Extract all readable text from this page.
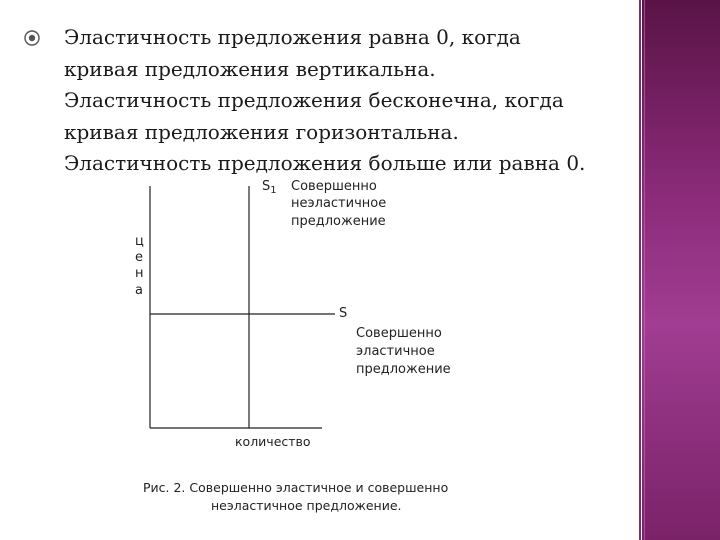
Эластичность предложения равна 0, когда
кривая предложения вертикальна.
Эластичность предложения бесконечна, когда
кривая предложения горизонтальна.
Эластичность предложения больше или равна 0.
ц
е
н
а
$S_1$ Совершенно
неэластичное
предложение
S
Совершенно
эластичное
предложение
количество
Рис. 2. Совершенно эластичное и совершенно
неэластичное предложение.
